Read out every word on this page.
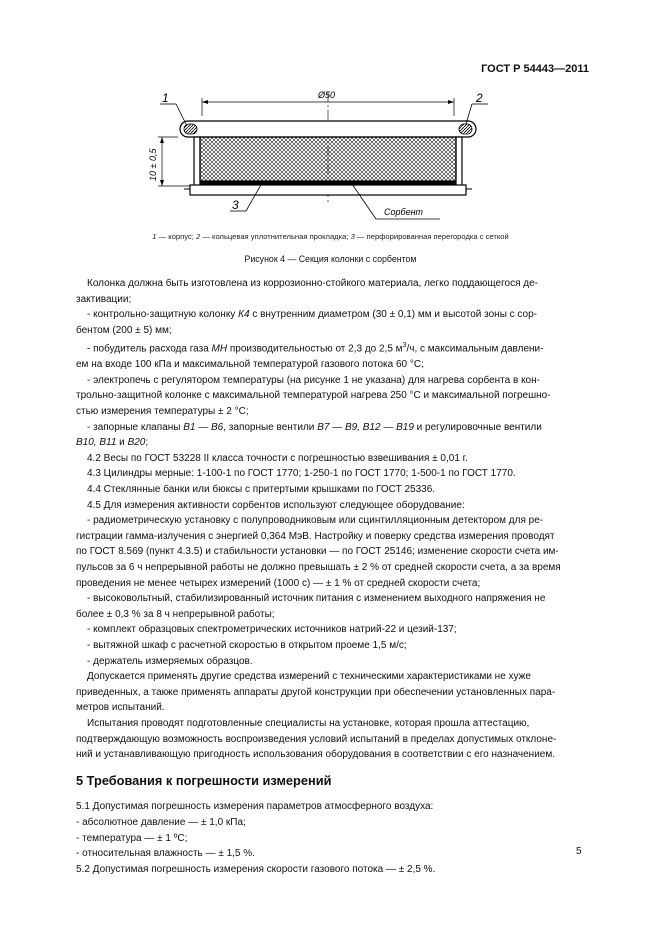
ГОСТ Р 54443—2011
1	2
3
Ø50
10 ± 0,5
Сорбент
1 — корпус; 2 — кольцевая уплотнительная прокладка; 3 — перфорированная перегородка с сеткой
Рисунок 4 — Секция колонки с сорбентом

Колонка должна быть изготовлена из коррозионно-стойкого материала, легко поддающегося де-

зактивации;

- контрольно-защитную колонку К4 с внутренним диаметром (30 ± 0,1) мм и высотой зоны с сор-

бентом (200 ± 5) мм;

- побудитель расхода газа МН производительностью от 2,3 до 2,5 $м^3/ч$, с максимальным давлени-

ем на входе 100 кПа и максимальной температурой газового потока 60 °С;

- электропечь с регулятором температуры (на рисунке 1 не указана) для нагрева сорбента в кон-

трольно-защитной колонке с максимальной температурой нагрева 250 °С и максимальной погрешно-

стью измерения температуры ± 2 °С;

- запорные клапаны В1 — В6, запорные вентили В7 — В9, В12 — В19 и регулировочные вентили

В10, В11 и В20;

4.2 Весы по ГОСТ 53228 II класса точности с погрешностью взвешивания ± 0,01 г.

4.3 Цилиндры мерные: 1-100-1 по ГОСТ 1770; 1-250-1 по ГОСТ 1770; 1-500-1 по ГОСТ 1770.

4.4 Стеклянные банки или бюксы с притертыми крышками по ГОСТ 25336.

4.5 Для измерения активности сорбентов используют следующее оборудование:

- радиометрическую установку с полупроводниковым или сцинтилляционным детектором для ре-

гистрации гамма-излучения с энергией 0,364 МэВ. Настройку и поверку средства измерения проводят

по ГОСТ 8.569 (пункт 4.3.5) и стабильности установки — по ГОСТ 25146; изменение скорости счета им-

пульсов за 6 ч непрерывной работы не должно превышать ± 2 % от средней скорости счета, а за время

проведения не менее четырех измерений (1000 с) — ± 1 % от средней скорости счета;

- высоковольтный, стабилизированный источник питания с изменением выходного напряжения не

более ± 0,3 % за 8 ч непрерывной работы;

- комплект образцовых спектрометрических источников натрий-22 и цезий-137;

- вытяжной шкаф с расчетной скоростью в открытом проеме 1,5 м/с;

- держатель измеряемых образцов.

Допускается применять другие средства измерений с техническими характеристиками не хуже

приведенных, а также применять аппараты другой конструкции при обеспечении установленных пара-

метров испытаний.

Испытания проводят подготовленные специалисты на установке, которая прошла аттестацию,

подтверждающую возможность воспроизведения условий испытаний в пределах допустимых отклоне-

ний и устанавливающую пригодность использования оборудования в соответствии с его назначением.

5 Требования к погрешности измерений

5.1 Допустимая погрешность измерения параметров атмосферного воздуха:

- абсолютное давление — ± 1,0 кПа;

- температура — ± 1 ºС;

- относительная влажность — ± 1,5 %.

5.2 Допустимая погрешность измерения скорости газового потока — ± 2,5 %.

5
